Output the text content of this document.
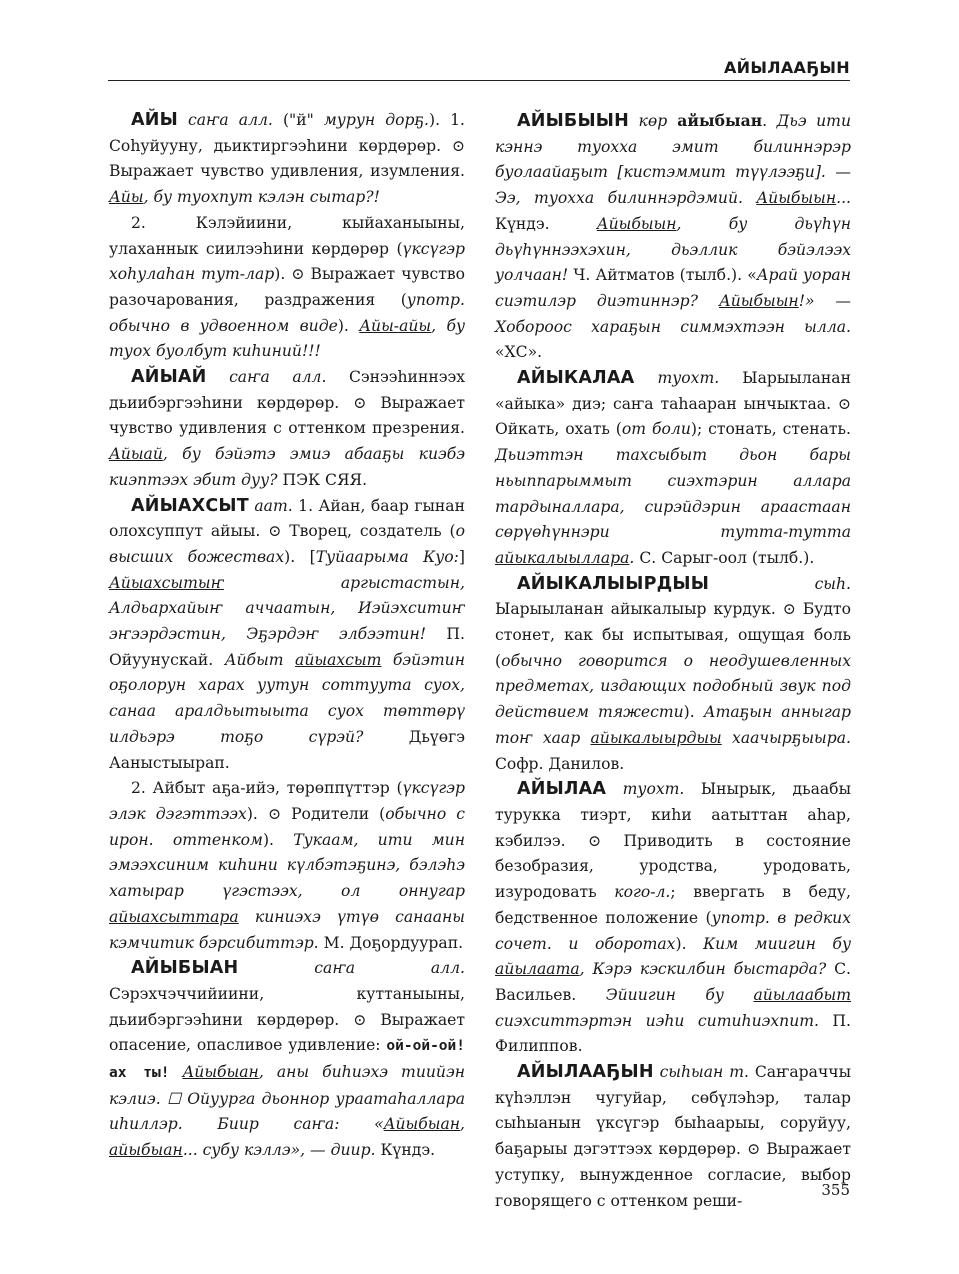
АЙЫЛААҔЫН

АЙЫ саҥа алл. ("й" мурун дорҕ.). 1. Соһуйууну, дьиктиргээһини көрдөрөр. ⊙ Выражает чувство удивления, изумления. Айы, бу туохпут кэлэн сытар?!

2. Кэлэйиини, кыйаханыыны, улаханнык сиилээһини көрдөрөр (үксүгэр хоһулаһан тут-лар). ⊙ Выражает чувство разочарования, раздражения (употр. обычно в удвоенном виде). Айы-айы, бу туох буолбут киһиний!!!

АЙЫАЙ саҥа алл. Сэнээһиннээх дьиибэргээһини көрдөрөр. ⊙ Выражает чувство удивления с оттенком презрения. Айыай, бу бэйэтэ эмиэ абааҕы киэбэ киэптээх эбит дуу? ПЭК СЯЯ.

АЙЫАХСЫТ аат. 1. Айан, баар гынан олохсуппут айыы. ⊙ Творец, создатель (о высших божествах). [Туйаарыма Куо:] Айыахсытыҥ аргыстастын, Алдьархайыҥ аччаатын, Иэйэхситиҥ эҥээрдэстин, Эҕэрдэҥ элбээтин! П. Ойуунускай. Айбыт айыахсыт бэйэтин оҕолорун харах уутун соттуута суох, санаа аралдьытыыта суох төттөрү илдьэрэ тоҕо сүрэй? Дьүөгэ Ааныстыырап.

2. Айбыт аҕа-ийэ, төрөппүттэр (үксүгэр элэк дэгэттээх). ⊙ Родители (обычно с ирон. оттенком). Тукаам, ити мин эмээхсиним киһини күлбэтэҕинэ, бэлэһэ хатырар үгэстээх, ол оннугар айыахсыттара киниэхэ үтүө санааны кэмчитик бэрсибиттэр. М. Доҕордуурап.

АЙЫБЫАН	саҥа алл. Сэрэхчэччийиини, куттаныыны, дьиибэргээһини көрдөрөр. ⊙ Выражает опасение, опасливое удивление: ой-ой-ой! ах ты! Айыбыан, аны биһиэхэ тиийэн кэлиэ. ☐ Ойуурга дьоннор ураатаһаллара иһиллэр. Биир саҥа: «Айыбыан, айыбыан... субу кэллэ», — диир. Күндэ.

АЙЫБЫЫН көр айыбыан. Дьэ ити кэннэ туохха эмит билиннэрэр буолаайаҕыт [кистэммит түүлээҕи]. — Ээ, туохха билиннэрдэмий. Айыбыын... Күндэ. Айыбыын, бу дьүһүн дьүһүннээхэхин, дьэллик бэйэлээх уолчаан! Ч. Айтматов (тылб.). «Арай уоран сиэтилэр диэтиннэр? Айыбыын!» — Хобороос хараҕын симмэхтээн ылла. «ХС».

АЙЫКАЛАА туохт. Ыарыыланан «айыка» диэ; саҥа таһааран ынчыктаа. ⊙ Ойкать, охать (от боли); стонать, стенать. Дьиэттэн тахсыбыт дьон бары ньыппарыммыт сиэхтэрин аллара тардыналлара, сирэйдэрин араастаан сөрүөһүннэри тутта-тутта айыкалыыллара. С. Сарыг-оол (тылб.).

АЙЫКАЛЫЫРДЫЫ	сыһ. Ыарыыланан айыкалыыр курдук. ⊙ Будто стонет, как бы испытывая, ощущая боль (обычно говорится о неодушевленных предметах, издающих подобный звук под действием тяжести). Атаҕын анныгар тоҥ хаар айыкалыырдыы хаачырҕыыра. Софр. Данилов.

АЙЫЛАА туохт. Ынырык, дьаабы турукка тиэрт, киһи аатыттан аһар, кэбилээ. ⊙ Приводить в состояние безобразия, уродства, уродовать, изуродовать кого-л.; ввергать в беду, бедственное положение (употр. в редких сочет. и оборотах). Ким миигин бу айылаата, Кэрэ кэскилбин быстарда? С. Васильев. Эйиигин бу айылаабыт сиэхситтэртэн иэһи ситиһиэхпит. П. Филиппов.

АЙЫЛААҔЫН сыһыан т. Саҥараччы күһэллэн чугуйар, сөбүлэһэр, талар сыһыанын үксүгэр быһаарыы, соруйуу, баҕарыы дэгэттээх көрдөрөр. ⊙ Выражает уступку, вынужденное согласие, выбор говорящего с оттенком реши-

355
